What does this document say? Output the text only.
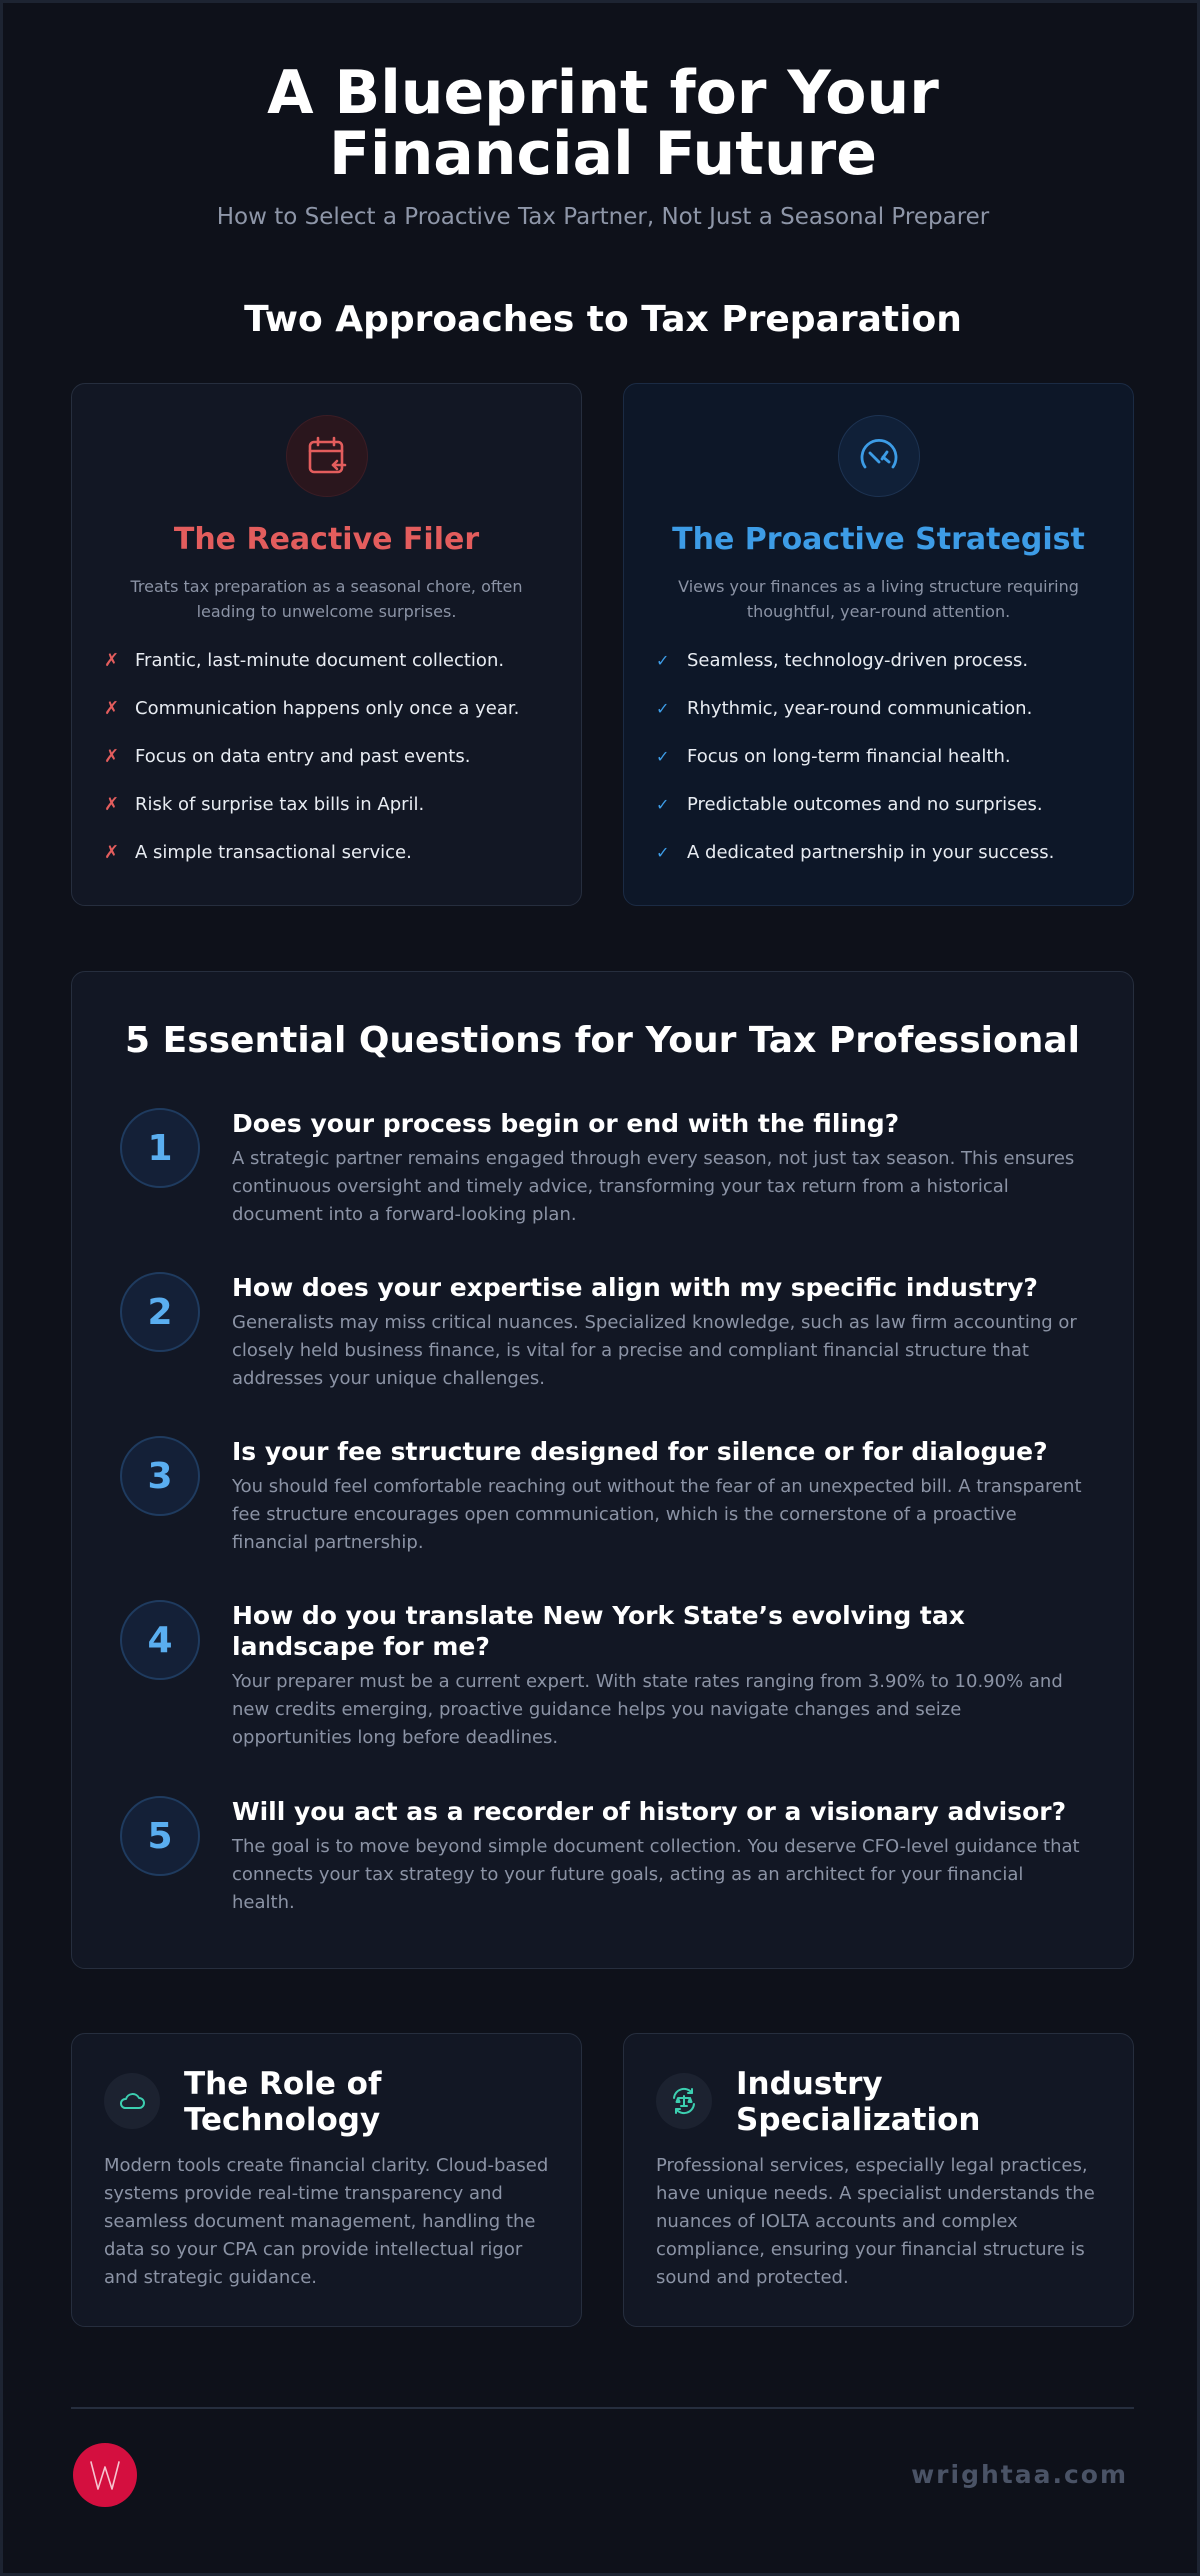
A Blueprint for Your Financial Future
How to Select a Proactive Tax Partner, Not Just a Seasonal Preparer
Two Approaches to Tax Preparation
The Reactive Filer
Treats tax preparation as a seasonal chore, often leading to unwelcome surprises.
✗ Frantic, last-minute document collection.
✗ Communication happens only once a year.
✗ Focus on data entry and past events.
✗ Risk of surprise tax bills in April.
✗ A simple transactional service.
The Proactive Strategist
Views your finances as a living structure requiring thoughtful, year-round attention.
✓ Seamless, technology-driven process.
✓ Rhythmic, year-round communication.
✓ Focus on long-term financial health.
✓ Predictable outcomes and no surprises.
✓ A dedicated partnership in your success.
5 Essential Questions for Your Tax Professional
1
Does your process begin or end with the filing?

A strategic partner remains engaged through every season, not just tax season. This ensures continuous oversight and timely advice, transforming your tax return from a historical document into a forward-looking plan.

2
How does your expertise align with my specific industry?

Generalists may miss critical nuances. Specialized knowledge, such as law firm accounting or closely held business finance, is vital for a precise and compliant financial structure that addresses your unique challenges.

3
Is your fee structure designed for silence or for dialogue?

You should feel comfortable reaching out without the fear of an unexpected bill. A transparent fee structure encourages open communication, which is the cornerstone of a proactive financial partnership.

4
How do you translate New York State’s evolving tax landscape for me?

Your preparer must be a current expert. With state rates ranging from 3.90% to 10.90% and new credits emerging, proactive guidance helps you navigate changes and seize opportunities long before deadlines.

5
Will you act as a recorder of history or a visionary advisor?

The goal is to move beyond simple document collection. You deserve CFO-level guidance that connects your tax strategy to your future goals, acting as an architect for your financial health.

The Role of Technology

Modern tools create financial clarity. Cloud-based systems provide real-time transparency and seamless document management, handling the data so your CPA can provide intellectual rigor and strategic guidance.

Industry Specialization

Professional services, especially legal practices, have unique needs. A specialist understands the nuances of IOLTA accounts and complex compliance, ensuring your financial structure is sound and protected.

W
wrightaa.com
